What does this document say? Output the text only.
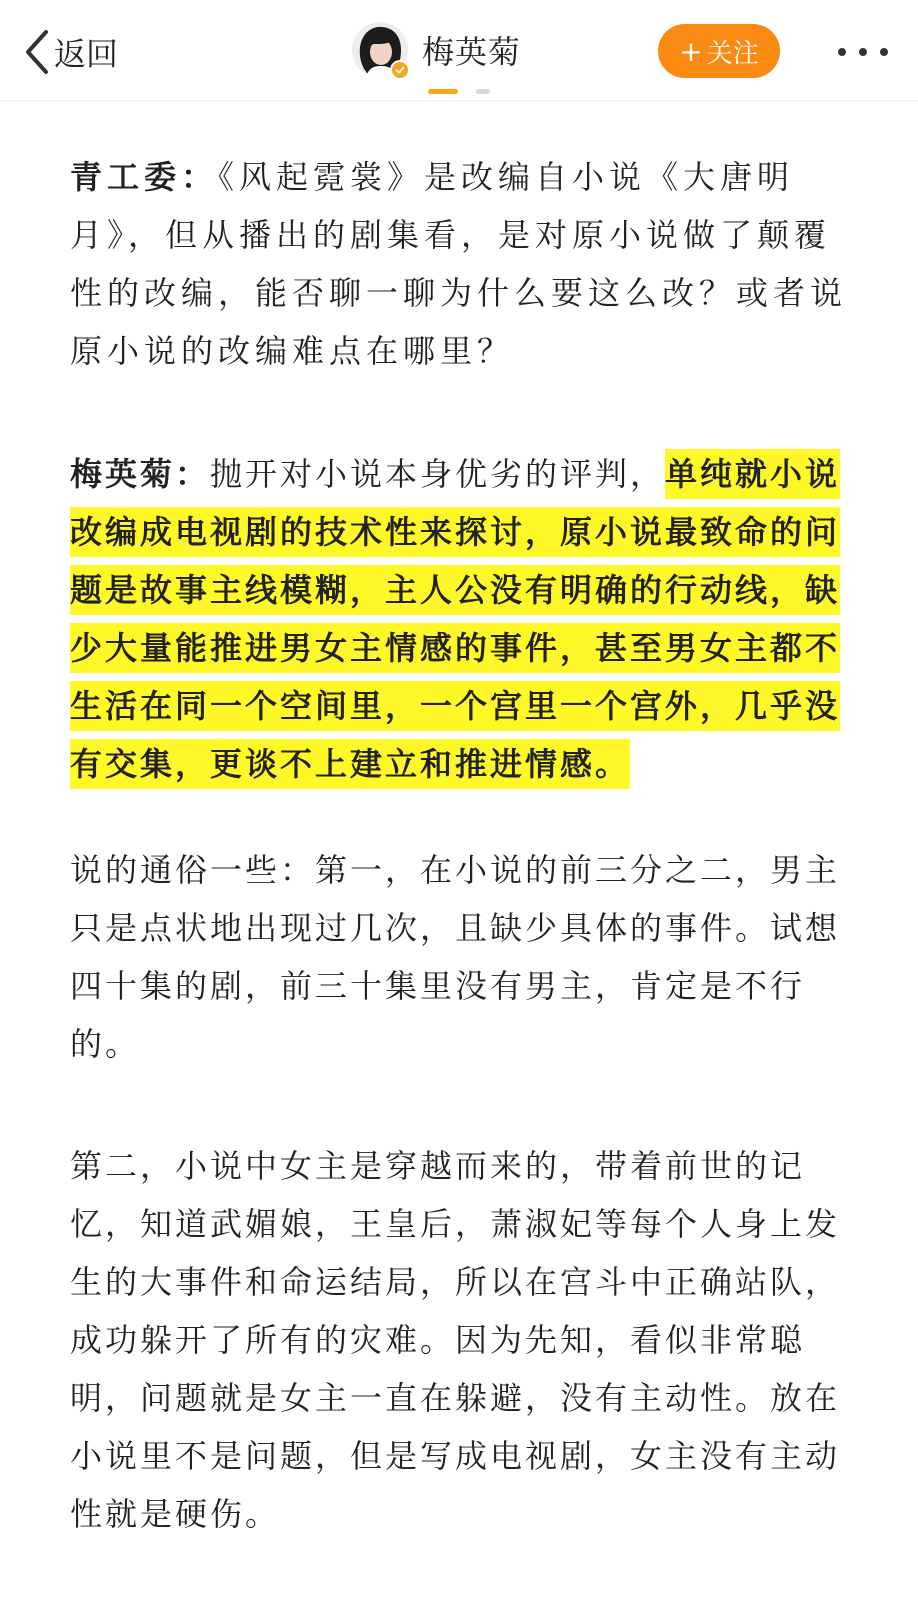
返回	梅英菊	+ 关注

青工委：《风起霓裳》是改编自小说《大唐明月》，但从播出的剧集看，是对原小说做了颠覆性的改编，能否聊一聊为什么要这么改？或者说原小说的改编难点在哪里？

梅英菊：抛开对小说本身优劣的评判，单纯就小说改编成电视剧的技术性来探讨，原小说最致命的问题是故事主线模糊，主人公没有明确的行动线，缺少大量能推进男女主情感的事件，甚至男女主都不生活在同一个空间里，一个宫里一个宫外，几乎没有交集，更谈不上建立和推进情感。

说的通俗一些：第一，在小说的前三分之二，男主只是点状地出现过几次，且缺少具体的事件。试想四十集的剧，前三十集里没有男主，肯定是不行的。

第二，小说中女主是穿越而来的，带着前世的记忆，知道武媚娘，王皇后，萧淑妃等每个人身上发生的大事件和命运结局，所以在宫斗中正确站队，成功躲开了所有的灾难。因为先知，看似非常聪明，问题就是女主一直在躲避，没有主动性。放在小说里不是问题，但是写成电视剧，女主没有主动性就是硬伤。
